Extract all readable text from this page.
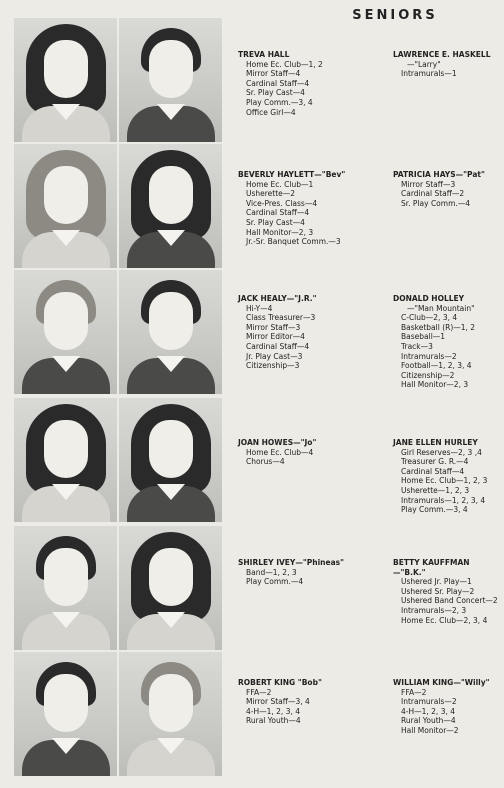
SENIORS
TREVA HALL
Home Ec. Club—1, 2
Mirror Staff—4
Cardinal Staff—4
Sr. Play Cast—4
Play Comm.—3, 4
Office Girl—4
LAWRENCE E. HASKELL
—"Larry"
Intramurals—1
BEVERLY HAYLETT—"Bev"
Home Ec. Club—1
Usherette—2
Vice-Pres. Class—4
Cardinal Staff—4
Sr. Play Cast—4
Hall Monitor—2, 3
Jr.-Sr. Banquet Comm.—3
PATRICIA HAYS—"Pat"
Mirror Staff—3
Cardinal Staff—2
Sr. Play Comm.—4
JACK HEALY—"J.R."
Hi-Y—4
Class Treasurer—3
Mirror Staff—3
Mirror Editor—4
Cardinal Staff—4
Jr. Play Cast—3
Citizenship—3
DONALD HOLLEY
—"Man Mountain"
C-Club—2, 3, 4
Basketball (R)—1, 2
Baseball—1
Track—3
Intramurals—2
Football—1, 2, 3, 4
Citizenship—2
Hall Monitor—2, 3
JOAN HOWES—"Jo"
Home Ec. Club—4
Chorus—4
JANE ELLEN HURLEY
Girl Reserves—2, 3 ,4
Treasurer G. R.—4
Cardinal Staff—4
Home Ec. Club—1, 2, 3
Usherette—1, 2, 3
Intramurals—1, 2, 3, 4
Play Comm.—3, 4
SHIRLEY IVEY—"Phineas"
Band—1, 2, 3
Play Comm.—4
BETTY KAUFFMAN—"B.K."
Ushered Jr. Play—1
Ushered Sr. Play—2
Ushered Band Concert—2
Intramurals—2, 3
Home Ec. Club—2, 3, 4
ROBERT KING "Bob"
FFA—2
Mirror Staff—3, 4
4-H—1, 2, 3, 4
Rural Youth—4
WILLIAM KING—"Willy"
FFA—2
Intramurals—2
4-H—1, 2, 3, 4
Rural Youth—4
Hall Monitor—2
